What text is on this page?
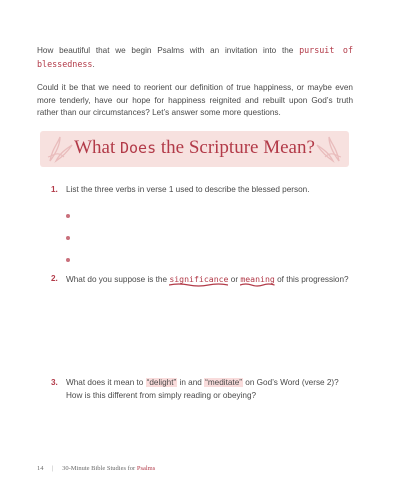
How beautiful that we begin Psalms with an invitation into the pursuit of blessedness.

Could it be that we need to reorient our definition of true happiness, or maybe even more tenderly, have our hope for happiness reignited and rebuilt upon God’s truth rather than our circumstances? Let’s answer some more questions.

What Does the Scripture Mean?
1. List the three verbs in verse 1 used to describe the blessed person.
2. What do you suppose is the significance or meaning of this progression?
3. What does it mean to “delight” in and “meditate” on God’s Word (verse 2)? How is this different from simply reading or obeying?
14 | 30-Minute Bible Studies for Psalms
